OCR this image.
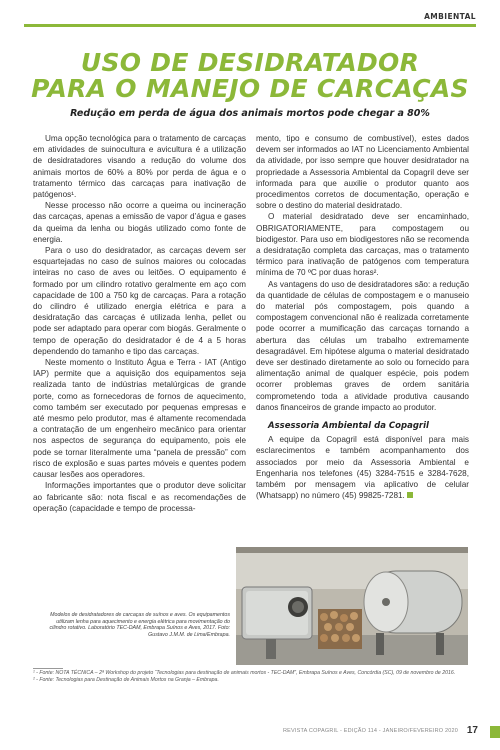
AMBIENTAL
USO DE DESIDRATADOR
PARA O MANEJO DE CARCAÇAS
Redução em perda de água dos animais mortos pode chegar a 80%

Uma opção tecnológica para o tratamento de carcaças em atividades de suinocultura e avicultura é a utilização de desidratadores visando a redução do volume dos animais mortos de 60% a 80% por perda de água e o tratamento térmico das carcaças para inativação de patógenos¹.

Nesse processo não ocorre a queima ou incineração das carcaças, apenas a emissão de vapor d’água e gases da queima da lenha ou biogás utilizado como fonte de energia.

Para o uso do desidratador, as carcaças devem ser esquartejadas no caso de suínos maiores ou colocadas inteiras no caso de aves ou leitões. O equipamento é formado por um cilindro rotativo geralmente em aço com capacidade de 100 a 750 kg de carcaças. Para a rotação do cilindro é utilizado energia elétrica e para a desidratação das carcaças é utilizada lenha, pellet ou pode ser adaptado para operar com biogás. Geralmente o tempo de operação do desidratador é de 4 a 5 horas dependendo do tamanho e tipo das carcaças.

Neste momento o Instituto Água e Terra - IAT (Antigo IAP) permite que a aquisição dos equipamentos seja realizada tanto de indústrias metalúrgicas de grande porte, como as fornecedoras de fornos de aquecimento, como também ser executado por pequenas empresas e até mesmo pelo produtor, mas é altamente recomendada a contratação de um engenheiro mecânico para orientar nos aspectos de segurança do equipamento, pois ele pode se tornar literalmente uma “panela de pressão” com risco de explosão e suas partes móveis e quentes podem causar lesões aos operadores.

Informações importantes que o produtor deve solicitar ao fabricante são: nota fiscal e as recomendações de operação (capacidade e tempo de processa-

mento, tipo e consumo de combustível), estes dados devem ser informados ao IAT no Licenciamento Ambiental da atividade, por isso sempre que houver desidratador na propriedade a Assessoria Ambiental da Copagril deve ser informada para que auxilie o produtor quanto aos procedimentos corretos de documentação, operação e sobre o destino do material desidratado.

O material desidratado deve ser encaminhado, OBRIGATORIAMENTE, para compostagem ou biodigestor. Para uso em biodigestores não se recomenda a desidratação completa das carcaças, mas o tratamento térmico para inativação de patógenos com temperatura mínima de 70 ºC por duas horas².

As vantagens do uso de desidratadores são: a redução da quantidade de células de compostagem e o manuseio do material pós compostagem, pois quando a compostagem convencional não é realizada corretamente pode ocorrer a mumificação das carcaças tornando a abertura das células um trabalho extremamente desagradável. Em hipótese alguma o material desidratado deve ser destinado diretamente ao solo ou fornecido para alimentação animal de qualquer espécie, pois podem ocorrer problemas graves de ordem sanitária comprometendo toda a atividade produtiva causando danos financeiros de grande impacto ao produtor.

Assessoria Ambiental da Copagril

A equipe da Copagril está disponível para mais esclarecimentos e também acompanhamento dos associados por meio da Assessoria Ambiental e Engenharia nos telefones (45) 3284-7515 e 3284-7628, também por mensagem via aplicativo de celular (Whatsapp) no número (45) 99825-7281.

Modelos de desidratadores de carcaças de suínos e aves. Os equipamentos utilizam lenha para aquecimento e energia elétrica para movimentação do cilindro rotativo. Laboratório TEC-DAM, Embrapa Suínos e Aves, 2017. Foto: Gustavo J.M.M. de Lima/Embrapa.
¹ - Fonte: NOTA TÉCNICA – 2ª Workshop do projeto “Tecnologias para destinação de animais mortos - TEC-DAM”, Embrapa Suínos e Aves, Concórdia (SC), 09 de novembro de 2016.
² - Fonte: Tecnologias para Destinação de Animais Mortos na Granja – Embrapa.
REVISTA COPAGRIL - EDIÇÃO 114 - JANEIRO/FEVEREIRO 2020 17
